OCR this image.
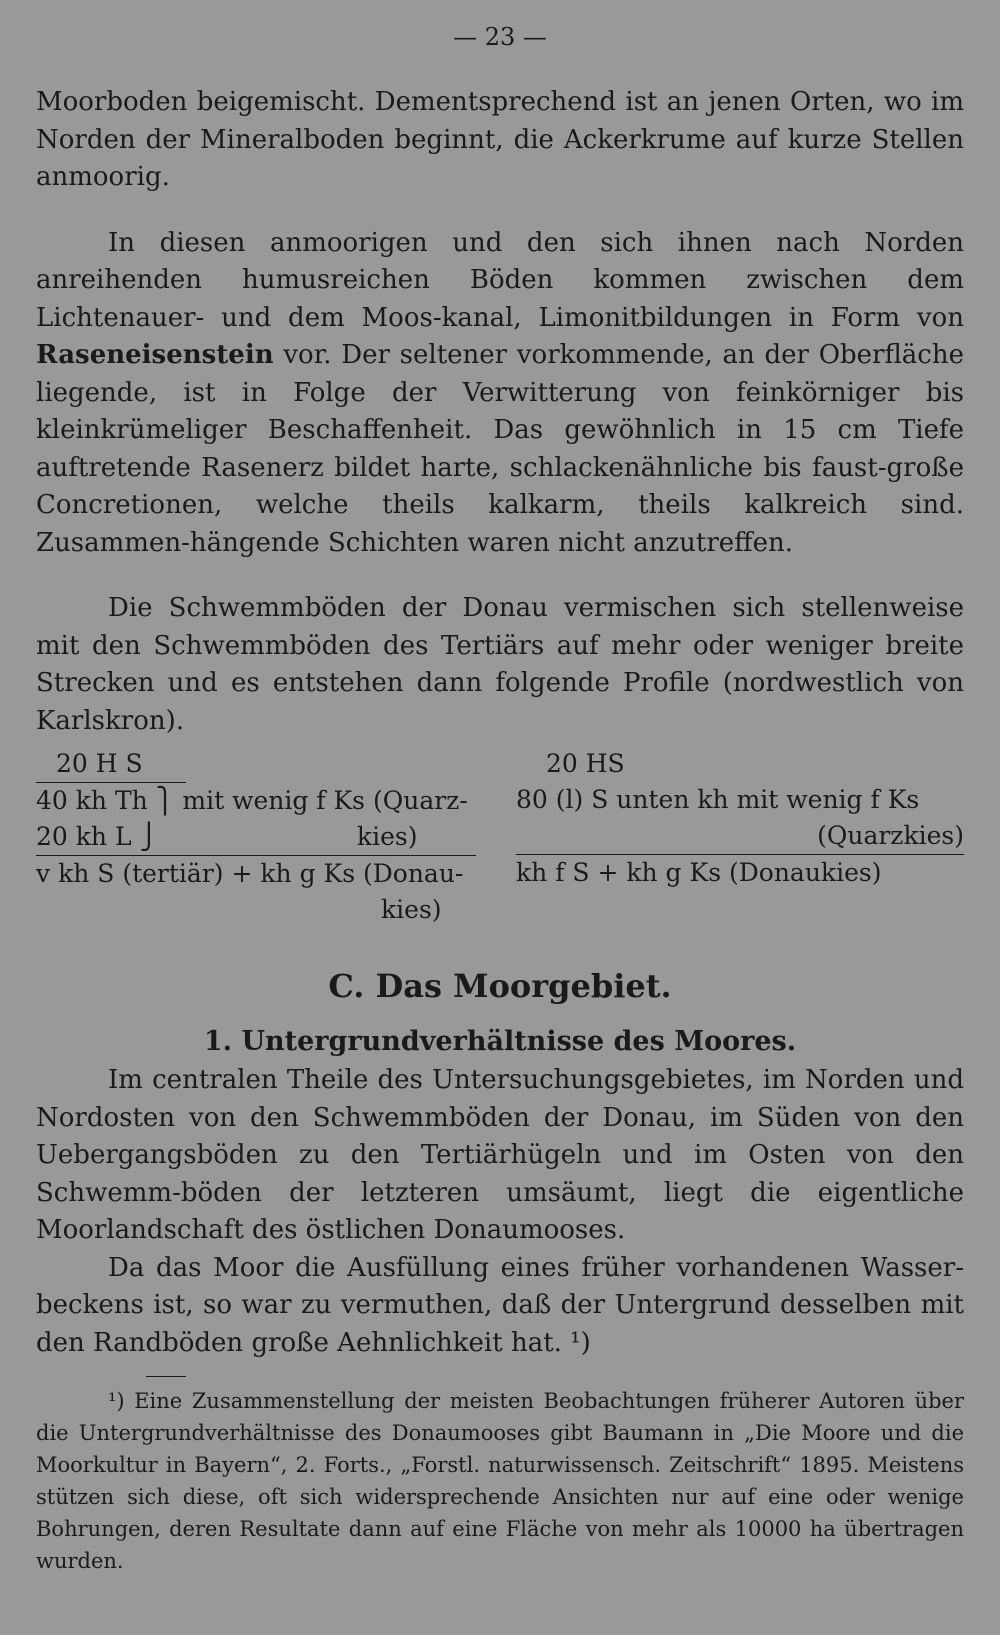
— 23 —

Moorboden beigemischt. Dementsprechend ist an jenen Orten, wo im Norden der Mineralboden beginnt, die Ackerkrume auf kurze Stellen anmoorig.

In diesen anmoorigen und den sich ihnen nach Norden anreihenden humusreichen Böden kommen zwischen dem Lichtenauer- und dem Moos-kanal, Limonitbildungen in Form von Raseneisenstein vor. Der seltener vorkommende, an der Oberfläche liegende, ist in Folge der Verwitterung von feinkörniger bis kleinkrümeliger Beschaffenheit. Das gewöhnlich in 15 cm Tiefe auftretende Rasenerz bildet harte, schlackenähnliche bis faust-große Concretionen, welche theils kalkarm, theils kalkreich sind. Zusammen-hängende Schichten waren nicht anzutreffen.

Die Schwemmböden der Donau vermischen sich stellenweise mit den Schwemmböden des Tertiärs auf mehr oder weniger breite Strecken und es entstehen dann folgende Profile (nordwestlich von Karlskron).

20 H S
40 kh Th ⎫ mit wenig f Ks (Quarz-
20 kh L ⎭                         kies)
v kh S (tertiär) + kh g Ks (Donau-
kies)
20 HS
80 (l) S unten kh mit wenig f Ks
(Quarzkies)
kh f S + kh g Ks (Donaukies)
C. Das Moorgebiet.
1. Untergrundverhältnisse des Moores.

Im centralen Theile des Untersuchungsgebietes, im Norden und Nordosten von den Schwemmböden der Donau, im Süden von den Uebergangsböden zu den Tertiärhügeln und im Osten von den Schwemm-böden der letzteren umsäumt, liegt die eigentliche Moorlandschaft des östlichen Donaumooses.

Da das Moor die Ausfüllung eines früher vorhandenen Wasser-beckens ist, so war zu vermuthen, daß der Untergrund desselben mit den Randböden große Aehnlichkeit hat. ¹)

¹) Eine Zusammenstellung der meisten Beobachtungen früherer Autoren über die Untergrundverhältnisse des Donaumooses gibt Baumann in „Die Moore und die Moorkultur in Bayern“, 2. Forts., „Forstl. naturwissensch. Zeitschrift“ 1895. Meistens stützen sich diese, oft sich widersprechende Ansichten nur auf eine oder wenige Bohrungen, deren Resultate dann auf eine Fläche von mehr als 10000 ha übertragen wurden.
